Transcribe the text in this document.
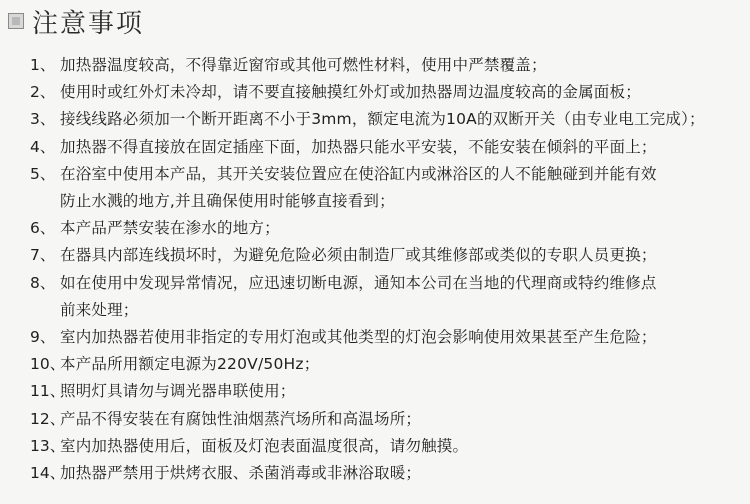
注意事项
1、 加热器温度较高，不得靠近窗帘或其他可燃性材料，使用中严禁覆盖；
2、 使用时或红外灯未冷却，请不要直接触摸红外灯或加热器周边温度较高的金属面板；
3、 接线线路必须加一个断开距离不小于3mm，额定电流为10A的双断开关（由专业电工完成）；
4、 加热器不得直接放在固定插座下面，加热器只能水平安装，不能安装在倾斜的平面上；
5、 在浴室中使用本产品，其开关安装位置应在使浴缸内或淋浴区的人不能触碰到并能有效
防止水溅的地方,并且确保使用时能够直接看到；
6、 本产品严禁安装在渗水的地方；
7、 在器具内部连线损坏时，为避免危险必须由制造厂或其维修部或类似的专职人员更换；
8、 如在使用中发现异常情况，应迅速切断电源，通知本公司在当地的代理商或特约维修点
前来处理；
9、 室内加热器若使用非指定的专用灯泡或其他类型的灯泡会影响使用效果甚至产生危险；
10、
本产品所用额定电源为220V/50Hz；
11、
照明灯具请勿与调光器串联使用；
12、
产品不得安装在有腐蚀性油烟蒸汽场所和高温场所；
13、
室内加热器使用后，面板及灯泡表面温度很高，请勿触摸。
14、
加热器严禁用于烘烤衣服、杀菌消毒或非淋浴取暖；
